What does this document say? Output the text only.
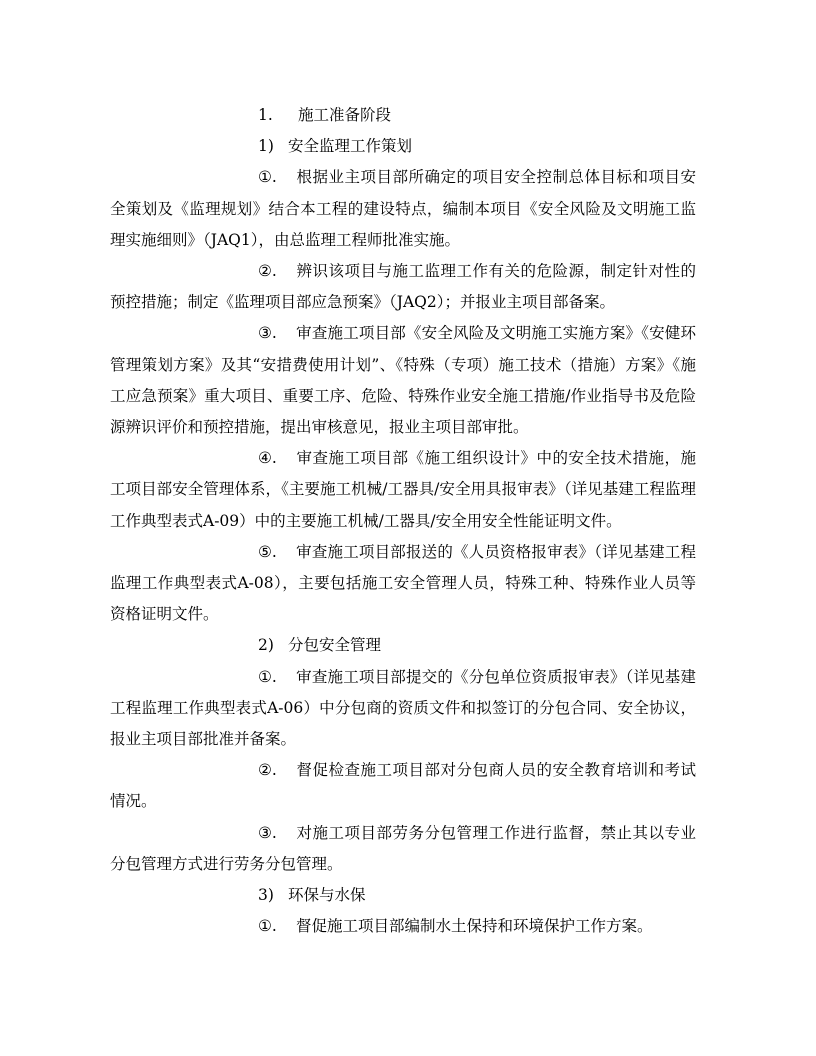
1. 施工准备阶段
1) 安全监理工作策划
①. 根据业主项目部所确定的项目安全控制总体目标和项目安全策划及《监理规划》结合本工程的建设特点，编制本项目《安全风险及文明施工监理实施细则》（JAQ1），由总监理工程师批准实施。
②. 辨识该项目与施工监理工作有关的危险源，制定针对性的预控措施；制定《监理项目部应急预案》（JAQ2）；并报业主项目部备案。
③. 审查施工项目部《安全风险及文明施工实施方案》《安健环管理策划方案》及其“安措费使用计划”、《特殊（专项）施工技术（措施）方案》《施工应急预案》重大项目、重要工序、危险、特殊作业安全施工措施/作业指导书及危险源辨识评价和预控措施，提出审核意见，报业主项目部审批。
④. 审查施工项目部《施工组织设计》中的安全技术措施，施工项目部安全管理体系，《主要施工机械/工器具/安全用具报审表》（详见基建工程监理工作典型表式A-09）中的主要施工机械/工器具/安全用安全性能证明文件。
⑤. 审查施工项目部报送的《人员资格报审表》（详见基建工程监理工作典型表式A-08），主要包括施工安全管理人员，特殊工种、特殊作业人员等资格证明文件。
2) 分包安全管理
①. 审查施工项目部提交的《分包单位资质报审表》（详见基建工程监理工作典型表式A-06）中分包商的资质文件和拟签订的分包合同、安全协议，报业主项目部批准并备案。
②. 督促检查施工项目部对分包商人员的安全教育培训和考试情况。
③. 对施工项目部劳务分包管理工作进行监督，禁止其以专业分包管理方式进行劳务分包管理。
3) 环保与水保
①. 督促施工项目部编制水土保持和环境保护工作方案。
